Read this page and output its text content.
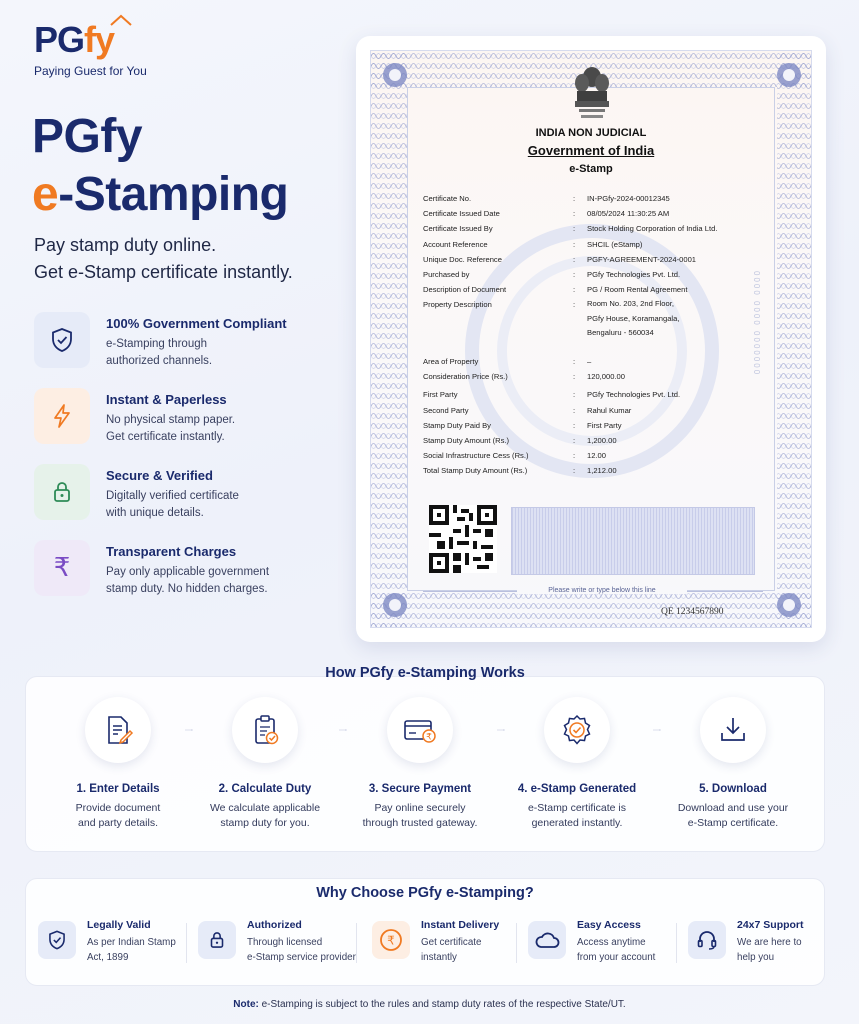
PGfy
Paying Guest for You
PGfy
e-Stamping
Pay stamp duty online.
Get e-Stamp certificate instantly.
100% Government Compliant
e-Stamping through
authorized channels.
Instant & Paperless
No physical stamp paper.
Get certificate instantly.
Secure & Verified
Digitally verified certificate
with unique details.
₹
Transparent Charges
Pay only applicable government
stamp duty. No hidden charges.
INDIA NON JUDICIAL
Government of India
e-Stamp
Certificate No.	:	IN-PGfy-2024-00012345
Certificate Issued Date	:	08/05/2024 11:30:25 AM
Certificate Issued By	:	Stock Holding Corporation of India Ltd.
Account Reference	:	SHCIL (eStamp)
Unique Doc. Reference	:	PGFY-AGREEMENT-2024-0001
Purchased by	:	PGfy Technologies Pvt. Ltd.
Description of Document	:	PG / Room Rental Agreement
Property Description	:	Room No. 203, 2nd Floor,
PGfy House, Koramangala,
Bengaluru - 560034
Area of Property	:	–
Consideration Price (Rs.)	:	120,000.00
First Party	:	PGfy Technologies Pvt. Ltd.
Second Party	:	Rahul Kumar
Stamp Duty Paid By	:	First Party
Stamp Duty Amount (Rs.)	:	1,200.00
Social Infrastructure Cess (Rs.)	:	12.00
Total Stamp Duty Amount (Rs.)	:	1,212.00
0000 0000 0000000
Please write or type below this line
QE 1234567890
How PGfy e-Stamping Works
1. Enter Details
Provide document
and party details.
2. Calculate Duty
We calculate applicable
stamp duty for you.
₹
3. Secure Payment
Pay online securely
through trusted gateway.
4. e-Stamp Generated
e-Stamp certificate is
generated instantly.
5. Download
Download and use your
e-Stamp certificate.
Why Choose PGfy e-Stamping?
Legally Valid
As per Indian Stamp
Act, 1899
Authorized
Through licensed
e-Stamp service provider
₹
Instant Delivery
Get certificate
instantly
Easy Access
Access anytime
from your account
24x7 Support
We are here to
help you
Note: e-Stamping is subject to the rules and stamp duty rates of the respective State/UT.
